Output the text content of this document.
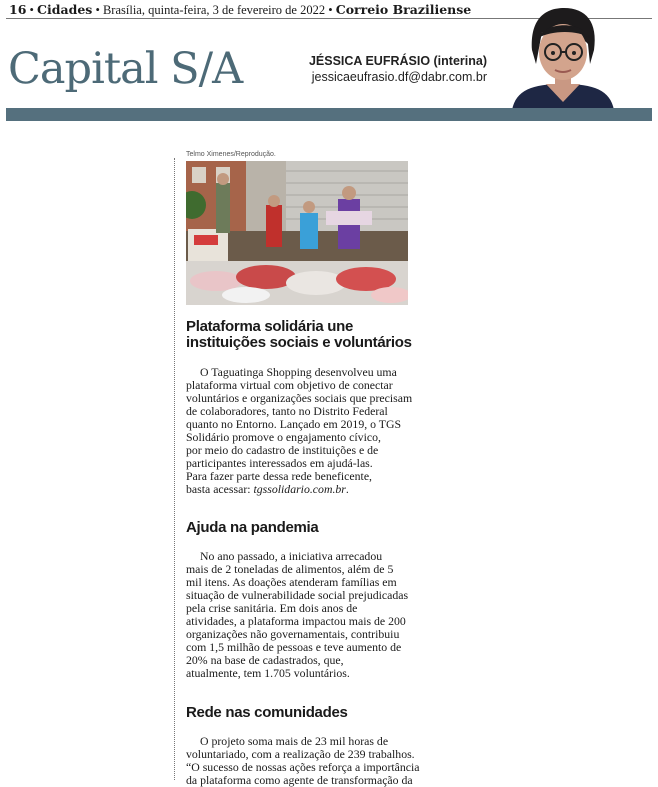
16 • Cidades • Brasília, quinta-feira, 3 de fevereiro de 2022 • Correio Braziliense
Capital S/A	JÉSSICA EUFRÁSIO (interina)
jessicaeufrasio.df@dabr.com.br
Telmo Ximenes/Reprodução.
Plataforma solidária une
instituições sociais e voluntários
O Taguatinga Shopping desenvolveu uma
plataforma virtual com objetivo de conectar
voluntários e organizações sociais que precisam
de colaboradores, tanto no Distrito Federal
quanto no Entorno. Lançado em 2019, o TGS
Solidário promove o engajamento cívico,
por meio do cadastro de instituições e de
participantes interessados em ajudá-las.
Para fazer parte dessa rede beneficente,
basta acessar: tgssolidario.com.br.
Ajuda na pandemia
No ano passado, a iniciativa arrecadou
mais de 2 toneladas de alimentos, além de 5
mil itens. As doações atenderam famílias em
situação de vulnerabilidade social prejudicadas
pela crise sanitária. Em dois anos de
atividades, a plataforma impactou mais de 200
organizações não governamentais, contribuiu
com 1,5 milhão de pessoas e teve aumento de
20% na base de cadastrados, que,
atualmente, tem 1.705 voluntários.
Rede nas comunidades
O projeto soma mais de 23 mil horas de
voluntariado, com a realização de 239 trabalhos.
“O sucesso de nossas ações reforça a importância
da plataforma como agente de transformação da
